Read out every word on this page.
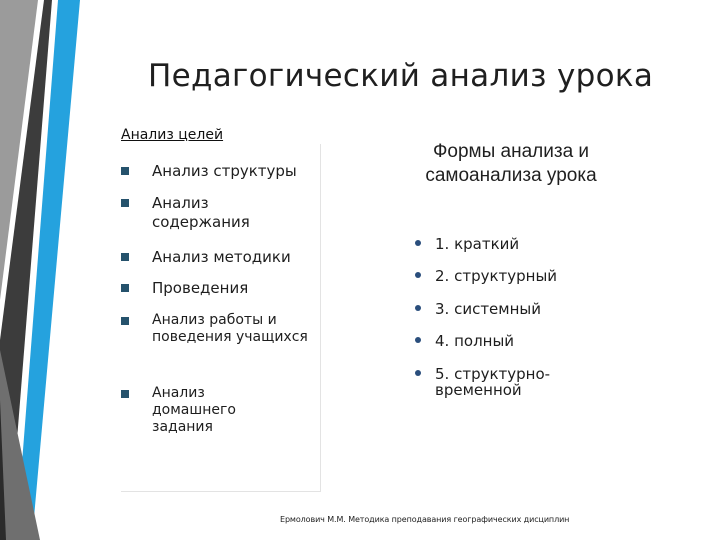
Педагогический анализ урока
Анализ целей
Анализ структуры
Анализ содержания
Анализ методики
Проведения
Анализ работы и поведения учащихся
Анализ домашнего задания
Формы анализа и самоанализа урока
1. краткий
2. структурный
3. системный
4. полный
5. структурно-временной
Ермолович М.М. Методика преподавания географических дисциплин
